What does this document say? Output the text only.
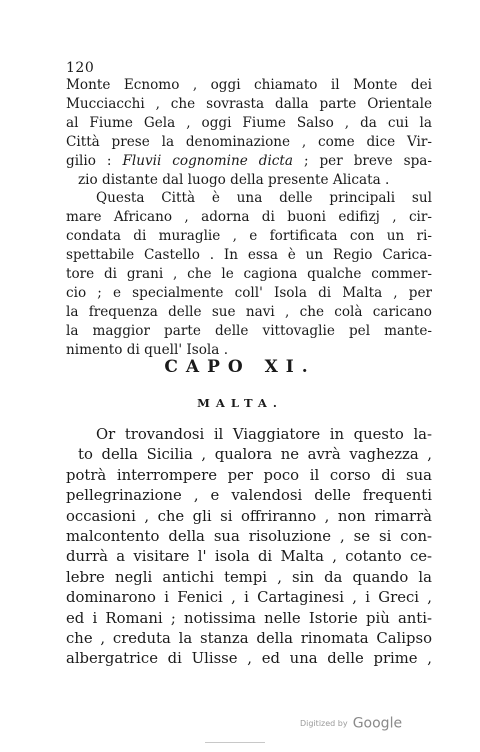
120
Monte Ecnomo , oggi chiamato il Monte dei
Mucciacchi , che sovrasta dalla parte Orientale
al Fiume Gela , oggi Fiume Salso , da cui la
Città prese la denominazione , come dice Vir-
gilio : Fluvii cognomine dicta ; per breve spa-
zio distante dal luogo della presente Alicata .
Questa Città è una delle principali sul
mare Africano , adorna di buoni edifizj , cir-
condata di muraglie , e fortificata con un ri-
spettabile Castello . In essa è un Regio Carica-
tore di grani , che le cagiona qualche commer-
cio ; e specialmente coll' Isola di Malta , per
la frequenza delle sue navi , che colà caricano
la maggior parte delle vittovaglie pel mante-
nimento di quell' Isola .
CAPO XI.
MALTA.
Or trovandosi il Viaggiatore in questo la-
to della Sicilia , qualora ne avrà vaghezza ,
potrà interrompere per poco il corso di sua
pellegrinazione , e valendosi delle frequenti
occasioni , che gli si offriranno , non rimarrà
malcontento della sua risoluzione , se si con-
durrà a visitare l' isola di Malta , cotanto ce-
lebre negli antichi tempi , sin da quando la
dominarono i Fenici , i Cartaginesi , i Greci ,
ed i Romani ; notissima nelle Istorie più anti-
che , creduta la stanza della rinomata Calipso
albergatrice di Ulisse , ed una delle prime ,
Digitized by Google
